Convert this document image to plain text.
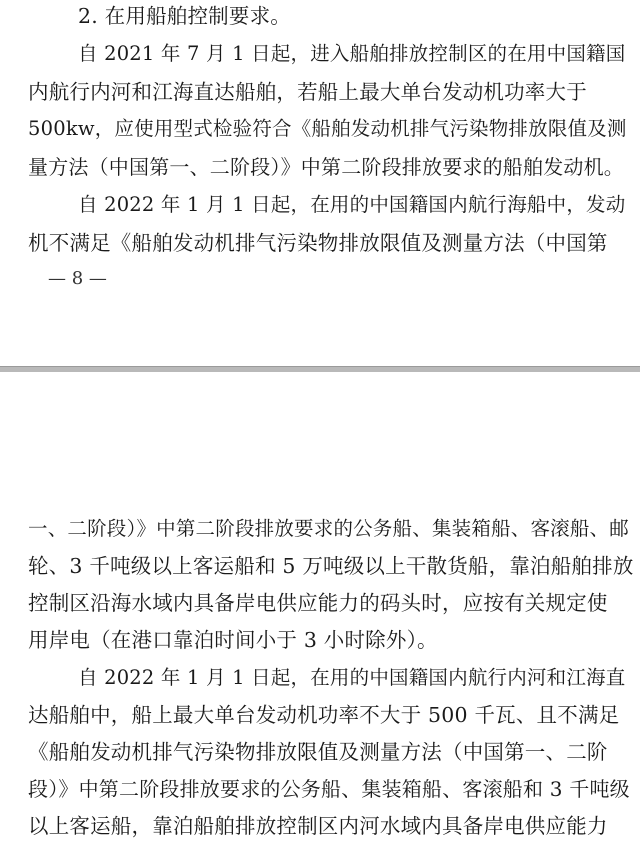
2. 在用船舶控制要求。
自 2021 年 7 月 1 日起，进入船舶排放控制区的在用中国籍国
内航行内河和江海直达船舶，若船上最大单台发动机功率大于
500kw，应使用型式检验符合《船舶发动机排气污染物排放限值及测
量方法（中国第一、二阶段）》中第二阶段排放要求的船舶发动机。
自 2022 年 1 月 1 日起，在用的中国籍国内航行海船中，发动
机不满足《船舶发动机排气污染物排放限值及测量方法（中国第
— 8 —
一、二阶段）》中第二阶段排放要求的公务船、集装箱船、客滚船、邮
轮、3 千吨级以上客运船和 5 万吨级以上干散货船，靠泊船舶排放
控制区沿海水域内具备岸电供应能力的码头时，应按有关规定使
用岸电（在港口靠泊时间小于 3 小时除外）。
自 2022 年 1 月 1 日起，在用的中国籍国内航行内河和江海直
达船舶中，船上最大单台发动机功率不大于 500 千瓦、且不满足
《船舶发动机排气污染物排放限值及测量方法（中国第一、二阶
段）》中第二阶段排放要求的公务船、集装箱船、客滚船和 3 千吨级
以上客运船，靠泊船舶排放控制区内河水域内具备岸电供应能力
